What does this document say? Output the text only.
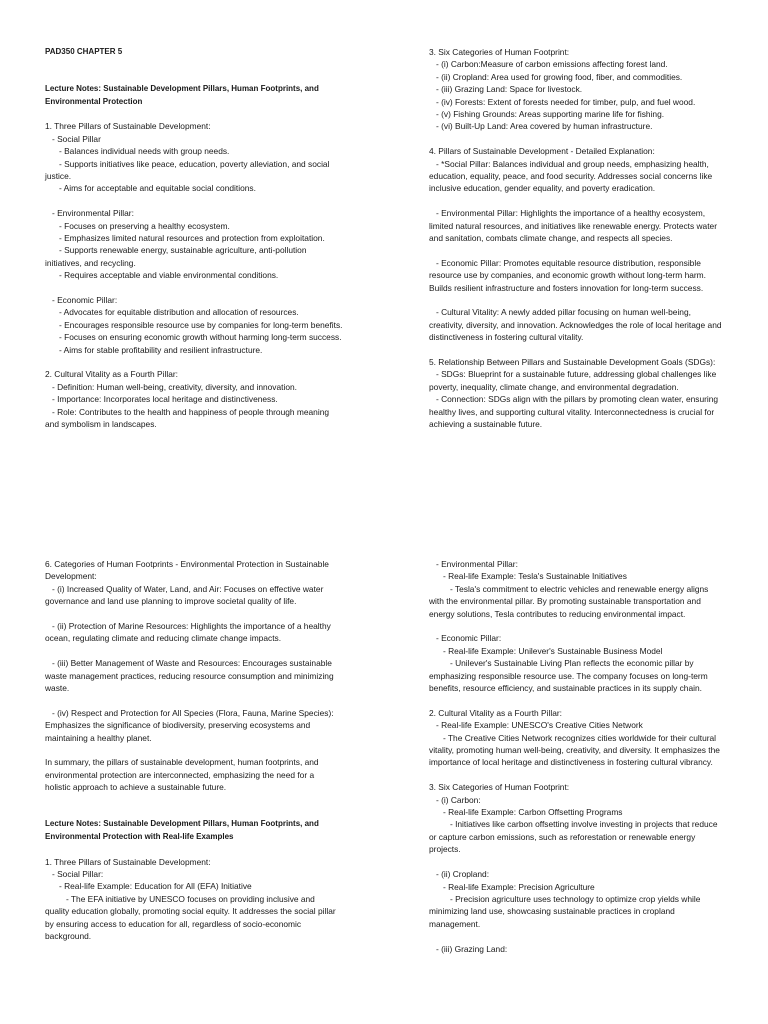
PAD350 CHAPTER 5

Lecture Notes: Sustainable Development Pillars, Human Footprints, and Environmental Protection

1. Three Pillars of Sustainable Development:

- Social Pillar

- Balances individual needs with group needs.

- Supports initiatives like peace, education, poverty alleviation, and social justice.

- Aims for acceptable and equitable social conditions.

- Environmental Pillar:

- Focuses on preserving a healthy ecosystem.

- Emphasizes limited natural resources and protection from exploitation.

- Supports renewable energy, sustainable agriculture, anti-pollution initiatives, and recycling.

- Requires acceptable and viable environmental conditions.

- Economic Pillar:

- Advocates for equitable distribution and allocation of resources.

- Encourages responsible resource use by companies for long-term benefits.

- Focuses on ensuring economic growth without harming long-term success.

- Aims for stable profitability and resilient infrastructure.

2. Cultural Vitality as a Fourth Pillar:

- Definition: Human well-being, creativity, diversity, and innovation.

- Importance: Incorporates local heritage and distinctiveness.

- Role: Contributes to the health and happiness of people through meaning and symbolism in landscapes.

3. Six Categories of Human Footprint:

- (i) Carbon:Measure of carbon emissions affecting forest land.

- (ii) Cropland: Area used for growing food, fiber, and commodities.

- (iii) Grazing Land: Space for livestock.

- (iv) Forests: Extent of forests needed for timber, pulp, and fuel wood.

- (v) Fishing Grounds: Areas supporting marine life for fishing.

- (vi) Built-Up Land: Area covered by human infrastructure.

4. Pillars of Sustainable Development - Detailed Explanation:

- *Social Pillar: Balances individual and group needs, emphasizing health, education, equality, peace, and food security. Addresses social concerns like inclusive education, gender equality, and poverty eradication.

- Environmental Pillar: Highlights the importance of a healthy ecosystem, limited natural resources, and initiatives like renewable energy. Protects water and sanitation, combats climate change, and respects all species.

- Economic Pillar: Promotes equitable resource distribution, responsible resource use by companies, and economic growth without long-term harm. Builds resilient infrastructure and fosters innovation for long-term success.

- Cultural Vitality: A newly added pillar focusing on human well-being, creativity, diversity, and innovation. Acknowledges the role of local heritage and distinctiveness in fostering cultural vitality.

5. Relationship Between Pillars and Sustainable Development Goals (SDGs):

- SDGs: Blueprint for a sustainable future, addressing global challenges like poverty, inequality, climate change, and environmental degradation.

- Connection: SDGs align with the pillars by promoting clean water, ensuring healthy lives, and supporting cultural vitality. Interconnectedness is crucial for achieving a sustainable future.

6. Categories of Human Footprints - Environmental Protection in Sustainable Development:

- (i) Increased Quality of Water, Land, and Air: Focuses on effective water governance and land use planning to improve societal quality of life.

- (ii) Protection of Marine Resources: Highlights the importance of a healthy ocean, regulating climate and reducing climate change impacts.

- (iii) Better Management of Waste and Resources: Encourages sustainable waste management practices, reducing resource consumption and minimizing waste.

- (iv) Respect and Protection for All Species (Flora, Fauna, Marine Species): Emphasizes the significance of biodiversity, preserving ecosystems and maintaining a healthy planet.

In summary, the pillars of sustainable development, human footprints, and environmental protection are interconnected, emphasizing the need for a holistic approach to achieve a sustainable future.

Lecture Notes: Sustainable Development Pillars, Human Footprints, and Environmental Protection with Real-life Examples

1. Three Pillars of Sustainable Development:

- Social Pillar:

- Real-life Example: Education for All (EFA) Initiative

- The EFA initiative by UNESCO focuses on providing inclusive and quality education globally, promoting social equity. It addresses the social pillar by ensuring access to education for all, regardless of socio-economic background.

- Environmental Pillar:

- Real-life Example: Tesla's Sustainable Initiatives

- Tesla's commitment to electric vehicles and renewable energy aligns with the environmental pillar. By promoting sustainable transportation and energy solutions, Tesla contributes to reducing environmental impact.

- Economic Pillar:

- Real-life Example: Unilever's Sustainable Business Model

- Unilever's Sustainable Living Plan reflects the economic pillar by emphasizing responsible resource use. The company focuses on long-term benefits, resource efficiency, and sustainable practices in its supply chain.

2. Cultural Vitality as a Fourth Pillar:

- Real-life Example: UNESCO's Creative Cities Network

- The Creative Cities Network recognizes cities worldwide for their cultural vitality, promoting human well-being, creativity, and diversity. It emphasizes the importance of local heritage and distinctiveness in fostering cultural vibrancy.

3. Six Categories of Human Footprint:

- (i) Carbon:

- Real-life Example: Carbon Offsetting Programs

- Initiatives like carbon offsetting involve investing in projects that reduce or capture carbon emissions, such as reforestation or renewable energy projects.

- (ii) Cropland:

- Real-life Example: Precision Agriculture

- Precision agriculture uses technology to optimize crop yields while minimizing land use, showcasing sustainable practices in cropland management.

- (iii) Grazing Land:
